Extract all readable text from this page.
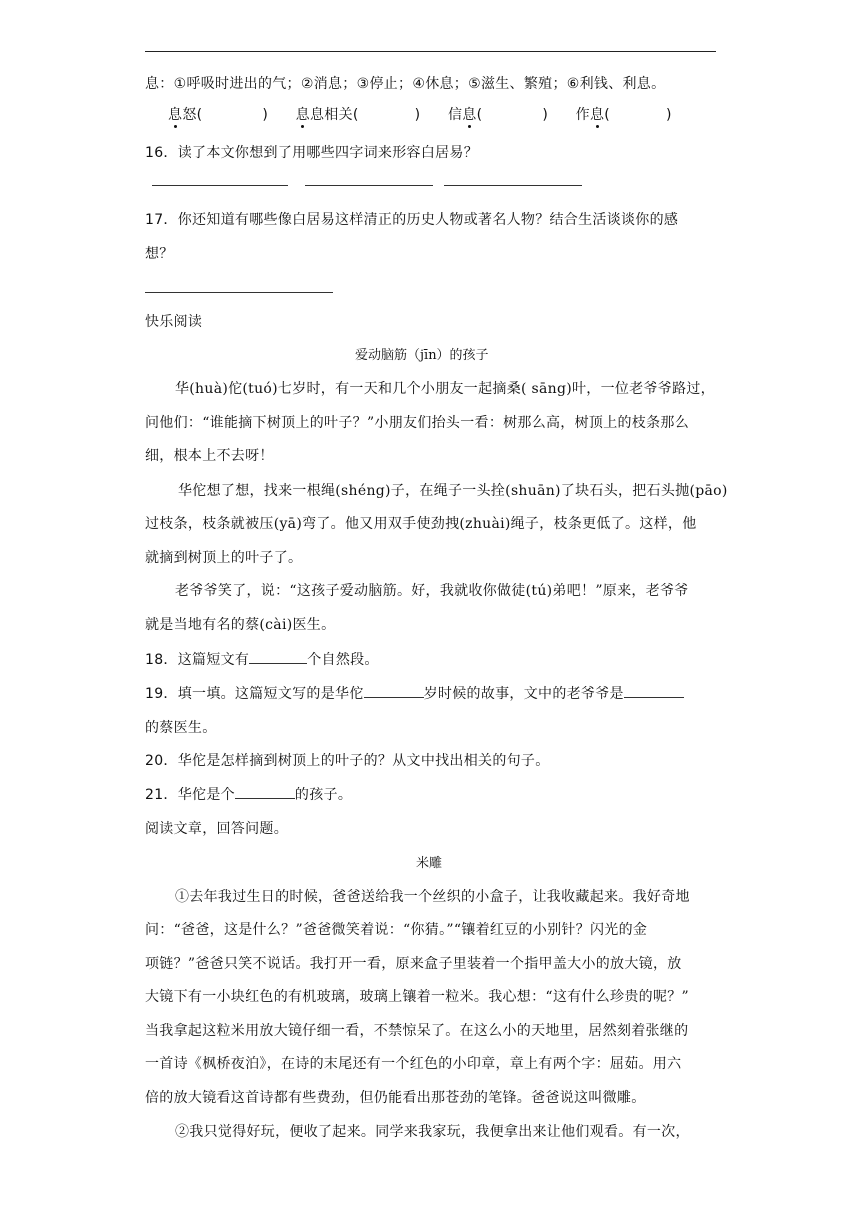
息：①呼吸时进出的气；②消息；③停止；④休息；⑤滋生、繁殖；⑥利钱、利息。
息怒(	) 息息相关(	) 信息(	) 作息(	)
16．读了本文你想到了用哪些四字词来形容白居易？
17．你还知道有哪些像白居易这样清正的历史人物或著名人物？结合生活谈谈你的感
想？
快乐阅读
爱动脑筋（jīn）的孩子
华(huà)佗(tuó)七岁时，有一天和几个小朋友一起摘桑( sāng)叶，一位老爷爷路过，
问他们：“谁能摘下树顶上的叶子？”小朋友们抬头一看：树那么高，树顶上的枝条那么
细，根本上不去呀！
华佗想了想，找来一根绳(shéng)子，在绳子一头拴(shuān)了块石头，把石头抛(pāo)
过枝条，枝条就被压(yā)弯了。他又用双手使劲拽(zhuài)绳子，枝条更低了。这样，他
就摘到树顶上的叶子了。
老爷爷笑了，说：“这孩子爱动脑筋。好，我就收你做徒(tú)弟吧！”原来，老爷爷
就是当地有名的蔡(cài)医生。
18．这篇短文有	个自然段。
19．填一填。这篇短文写的是华佗	岁时候的故事，文中的老爷爷是
的蔡医生。
20．华佗是怎样摘到树顶上的叶子的？从文中找出相关的句子。
21．华佗是个	的孩子。
阅读文章，回答问题。
米雕
①去年我过生日的时候，爸爸送给我一个丝织的小盒子，让我收藏起来。我好奇地
问：“爸爸，这是什么？”爸爸微笑着说：“你猜。”“镶着红豆的小别针？闪光的金
项链？”爸爸只笑不说话。我打开一看，原来盒子里装着一个指甲盖大小的放大镜，放
大镜下有一小块红色的有机玻璃，玻璃上镶着一粒米。我心想：“这有什么珍贵的呢？”
当我拿起这粒米用放大镜仔细一看，不禁惊呆了。在这么小的天地里，居然刻着张继的
一首诗《枫桥夜泊》，在诗的末尾还有一个红色的小印章，章上有两个字：屈茹。用六
倍的放大镜看这首诗都有些费劲，但仍能看出那苍劲的笔锋。爸爸说这叫微雕。
②我只觉得好玩，便收了起来。同学来我家玩，我便拿出来让他们观看。有一次，
